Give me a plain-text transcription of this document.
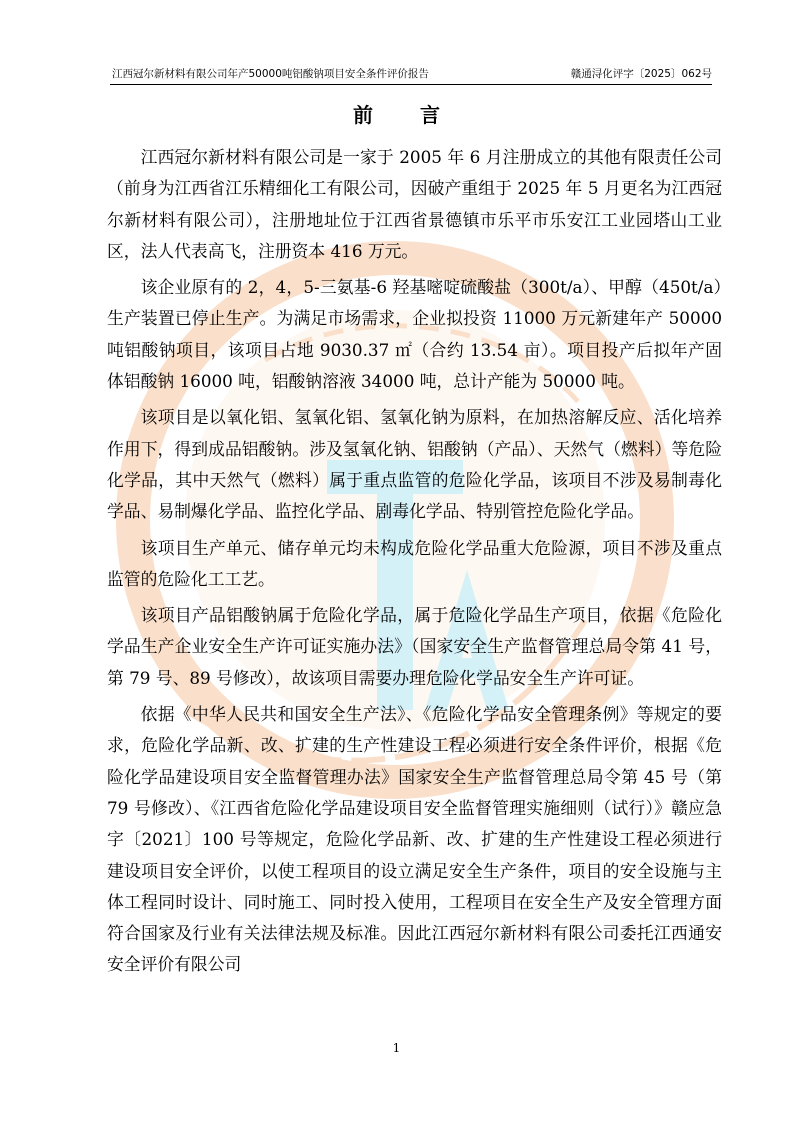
江西冠尔新材料有限公司年产50000吨铝酸钠项目安全条件评价报告	赣通浔化评字〔2025〕062号
前 言

江西冠尔新材料有限公司是一家于 2005 年 6 月注册成立的其他有限责任公司（前身为江西省江乐精细化工有限公司，因破产重组于 2025 年 5 月更名为江西冠尔新材料有限公司），注册地址位于江西省景德镇市乐平市乐安江工业园塔山工业区，法人代表高飞，注册资本 416 万元。

该企业原有的 2，4，5-三氨基-6 羟基嘧啶硫酸盐（300t/a）、甲醇（450t/a）生产装置已停止生产。为满足市场需求，企业拟投资 11000 万元新建年产 50000 吨铝酸钠项目，该项目占地 9030.37 ㎡（合约 13.54 亩）。项目投产后拟年产固体铝酸钠 16000 吨，铝酸钠溶液 34000 吨，总计产能为 50000 吨。

该项目是以氧化铝、氢氧化铝、氢氧化钠为原料，在加热溶解反应、活化培养作用下，得到成品铝酸钠。涉及氢氧化钠、铝酸钠（产品）、天然气（燃料）等危险化学品，其中天然气（燃料）属于重点监管的危险化学品，该项目不涉及易制毒化学品、易制爆化学品、监控化学品、剧毒化学品、特别管控危险化学品。

该项目生产单元、储存单元均未构成危险化学品重大危险源，项目不涉及重点监管的危险化工工艺。

该项目产品铝酸钠属于危险化学品，属于危险化学品生产项目，依据《危险化学品生产企业安全生产许可证实施办法》（国家安全生产监督管理总局令第 41 号，第 79 号、89 号修改），故该项目需要办理危险化学品安全生产许可证。

依据《中华人民共和国安全生产法》、《危险化学品安全管理条例》等规定的要求，危险化学品新、改、扩建的生产性建设工程必须进行安全条件评价，根据《危险化学品建设项目安全监督管理办法》国家安全生产监督管理总局令第 45 号（第 79 号修改）、《江西省危险化学品建设项目安全监督管理实施细则（试行）》赣应急字〔2021〕100 号等规定，危险化学品新、改、扩建的生产性建设工程必须进行建设项目安全评价，以使工程项目的设立满足安全生产条件，项目的安全设施与主体工程同时设计、同时施工、同时投入使用，工程项目在安全生产及安全管理方面符合国家及行业有关法律法规及标准。因此江西冠尔新材料有限公司委托江西通安安全评价有限公司

1
